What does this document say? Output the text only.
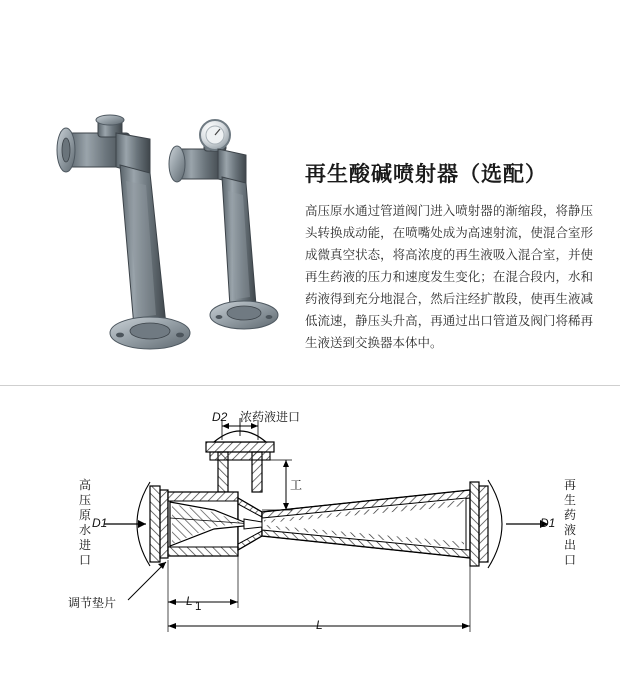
再生酸碱喷射器（选配）
高压原水通过管道阀门进入喷射器的渐缩段，将静压头转换成动能，在喷嘴处成为高速射流，使混合室形成微真空状态，将高浓度的再生液吸入混合室，并使再生药液的压力和速度发生变化；在混合段内，水和药液得到充分地混合，然后注经扩散段，使再生液减低流速，静压头升高，再通过出口管道及阀门将稀再生液送到交换器本体中。
高压原水进口
D1
D2 浓药液进口
工	再生药液出口
D1
L 1
L
调节垫片
